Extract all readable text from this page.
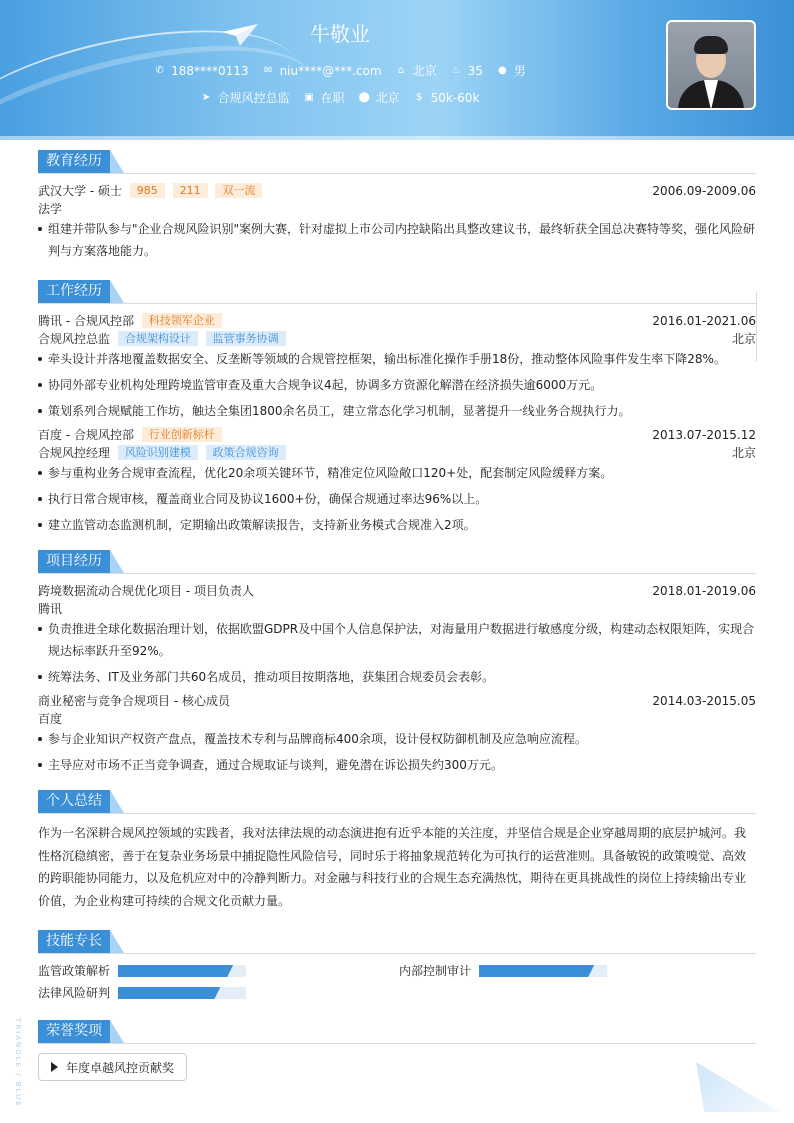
牛敬业
✆ 188****0113 ✉ niu****@***.com ⌂ 北京 ♨ 35 ● 男
➤ 合规风控总监 ▣ 在职 ⬤ 北京 $ 50k-60k
教育经历
武汉大学 - 硕士 985 211 双一流	2006.09-2009.06
法学
组建并带队参与"企业合规风险识别"案例大赛，针对虚拟上市公司内控缺陷出具整改建议书，最终斩获全国总决赛特等奖，强化风险研判与方案落地能力。
工作经历
腾讯 - 合规风控部 科技领军企业	2016.01-2021.06
合规风控总监 合规架构设计 监管事务协调	北京
牵头设计并落地覆盖数据安全、反垄断等领域的合规管控框架，输出标准化操作手册18份，推动整体风险事件发生率下降28%。
协同外部专业机构处理跨境监管审查及重大合规争议4起，协调多方资源化解潜在经济损失逾6000万元。
策划系列合规赋能工作坊，触达全集团1800余名员工，建立常态化学习机制，显著提升一线业务合规执行力。
百度 - 合规风控部 行业创新标杆	2013.07-2015.12
合规风控经理 风险识别建模 政策合规咨询	北京
参与重构业务合规审查流程，优化20余项关键环节，精准定位风险敞口120+处，配套制定风险缓释方案。
执行日常合规审核，覆盖商业合同及协议1600+份，确保合规通过率达96%以上。
建立监管动态监测机制，定期输出政策解读报告，支持新业务模式合规准入2项。
项目经历
跨境数据流动合规优化项目 - 项目负责人	2018.01-2019.06
腾讯
负责推进全球化数据治理计划，依据欧盟GDPR及中国个人信息保护法，对海量用户数据进行敏感度分级，构建动态权限矩阵，实现合规达标率跃升至92%。
统筹法务、IT及业务部门共60名成员，推动项目按期落地，获集团合规委员会表彰。
商业秘密与竞争合规项目 - 核心成员	2014.03-2015.05
百度
参与企业知识产权资产盘点，覆盖技术专利与品牌商标400余项，设计侵权防御机制及应急响应流程。
主导应对市场不正当竞争调查，通过合规取证与谈判，避免潜在诉讼损失约300万元。
个人总结

作为一名深耕合规风控领域的实践者，我对法律法规的动态演进抱有近乎本能的关注度，并坚信合规是企业穿越周期的底层护城河。我性格沉稳缜密，善于在复杂业务场景中捕捉隐性风险信号，同时乐于将抽象规范转化为可执行的运营准则。具备敏锐的政策嗅觉、高效的跨职能协同能力，以及危机应对中的冷静判断力。对金融与科技行业的合规生态充满热忱，期待在更具挑战性的岗位上持续输出专业价值，为企业构建可持续的合规文化贡献力量。

技能专长
监管政策解析	内部控制审计
法律风险研判
荣誉奖项
年度卓越风控贡献奖
TRIANGLE / BLUE
